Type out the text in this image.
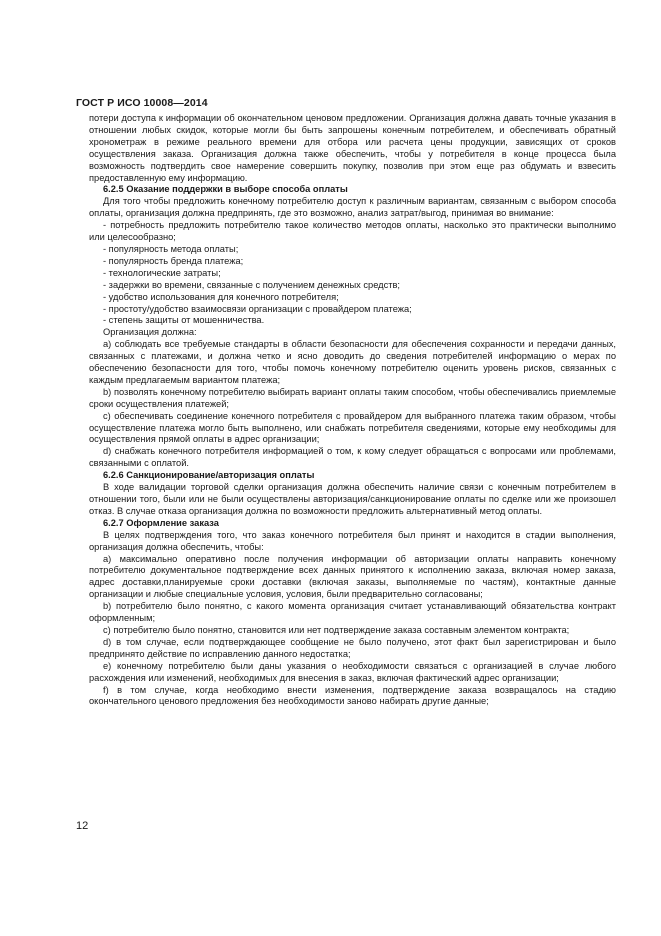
ГОСТ Р ИСО 10008—2014

потери доступа к информации об окончательном ценовом предложении. Организация должна давать точные указания в отношении любых скидок, которые могли бы быть запрошены конечным потребителем, и обеспечивать обратный хронометраж в режиме реального времени для отбора или расчета цены продукции, зависящих от сроков осуществления заказа. Организация должна также обеспечить, чтобы у потребителя в конце процесса была возможность подтвердить свое намерение совершить покупку, позволив при этом еще раз обдумать и взвесить предоставленную ему информацию.

6.2.5 Оказание поддержки в выборе способа оплаты

Для того чтобы предложить конечному потребителю доступ к различным вариантам, связанным с выбором способа оплаты, организация должна предпринять, где это возможно, анализ затрат/выгод, принимая во внимание:

- потребность предложить потребителю такое количество методов оплаты, насколько это практически выполнимо или целесообразно;

- популярность метода оплаты;

- популярность бренда платежа;

- технологические затраты;

- задержки во времени, связанные с получением денежных средств;

- удобство использования для конечного потребителя;

- простоту/удобство взаимосвязи организации с провайдером платежа;

- степень защиты от мошенничества.

Организация должна:

а) соблюдать все требуемые стандарты в области безопасности для обеспечения сохранности и передачи данных, связанных с платежами, и должна четко и ясно доводить до сведения потребителей информацию о мерах по обеспечению безопасности для того, чтобы помочь конечному потребителю оценить уровень рисков, связанных с каждым предлагаемым вариантом платежа;

b) позволять конечному потребителю выбирать вариант оплаты таким способом, чтобы обеспечивались приемлемые сроки осуществления платежей;

c) обеспечивать соединение конечного потребителя с провайдером для выбранного платежа таким образом, чтобы осуществление платежа могло быть выполнено, или снабжать потребителя сведениями, которые ему необходимы для осуществления прямой оплаты в адрес организации;

d) снабжать конечного потребителя информацией о том, к кому следует обращаться с вопросами или проблемами, связанными с оплатой.

6.2.6 Санкционирование/авторизация оплаты

В ходе валидации торговой сделки организация должна обеспечить наличие связи с конечным потребителем в отношении того, были или не были осуществлены авторизация/санкционирование оплаты по сделке или же произошел отказ. В случае отказа организация должна по возможности предложить альтернативный метод оплаты.

6.2.7 Оформление заказа

В целях подтверждения того, что заказ конечного потребителя был принят и находится в стадии выполнения, организация должна обеспечить, чтобы:

а) максимально оперативно после получения информации об авторизации оплаты направить конечному потребителю документальное подтверждение всех данных принятого к исполнению заказа, включая номер заказа, адрес доставки,планируемые сроки доставки (включая заказы, выполняемые по частям), контактные данные организации и любые специальные условия, условия, были предварительно согласованы;

b) потребителю было понятно, с какого момента организация считает устанавливающий обязательства контракт оформленным;

c) потребителю было понятно, становится или нет подтверждение заказа составным элементом контракта;

d) в том случае, если подтверждающее сообщение не было получено, этот факт был зарегистрирован и было предпринято действие по исправлению данного недостатка;

e) конечному потребителю были даны указания о необходимости связаться с организацией в случае любого расхождения или изменений, необходимых для внесения в заказ, включая фактический адрес организации;

f) в том случае, когда необходимо внести изменения, подтверждение заказа возвращалось на стадию окончательного ценового предложения без необходимости заново набирать другие данные;

12
